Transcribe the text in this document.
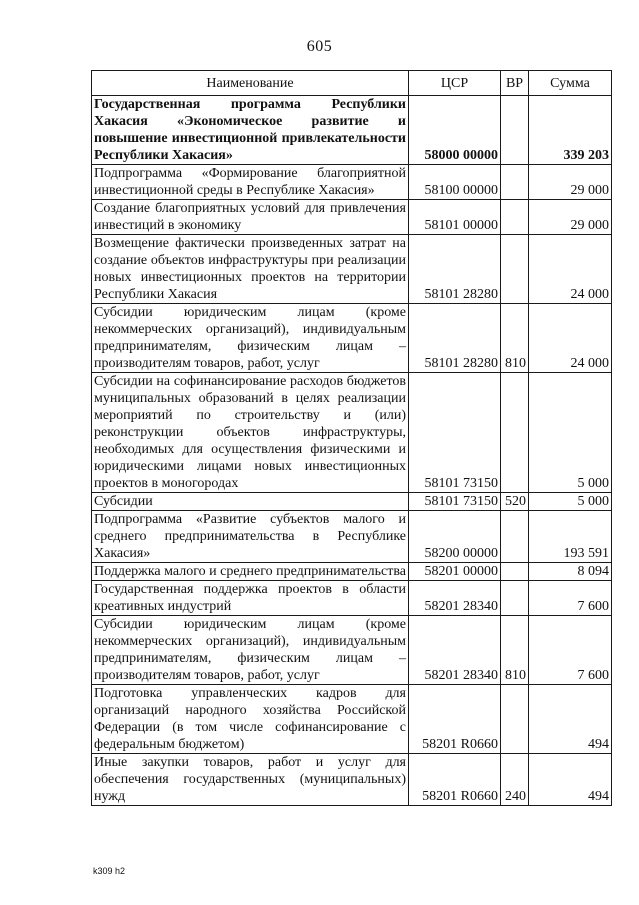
605
Наименование	ЦСР	ВР	Сумма
Государственная программа Республики Хакасия «Экономическое развитие и повышение инвестиционной привлекательности Республики Хакасия»	58000 00000		339 203
Подпрограмма «Формирование благоприятной инвестиционной среды в Республике Хакасия»	58100 00000		29 000
Создание благоприятных условий для привлечения инвестиций в экономику	58101 00000		29 000
Возмещение фактически произведенных затрат на создание объектов инфраструктуры при реализации новых инвестиционных проектов на территории Республики Хакасия	58101 28280		24 000
Субсидии юридическим лицам (кроме некоммерческих организаций), индивидуальным предпринимателям, физическим лицам – производителям товаров, работ, услуг	58101 28280	810	24 000
Субсидии на софинансирование расходов бюджетов муниципальных образований в целях реализации мероприятий по строительству и (или) реконструкции объектов инфраструктуры, необходимых для осуществления физическими и юридическими лицами новых инвестиционных проектов в моногородах	58101 73150		5 000
Субсидии	58101 73150	520	5 000
Подпрограмма «Развитие субъектов малого и среднего предпринимательства в Республике Хакасия»	58200 00000		193 591
Поддержка малого и среднего предпринимательства	58201 00000		8 094
Государственная поддержка проектов в области креативных индустрий	58201 28340		7 600
Субсидии юридическим лицам (кроме некоммерческих организаций), индивидуальным предпринимателям, физическим лицам – производителям товаров, работ, услуг	58201 28340	810	7 600
Подготовка управленческих кадров для организаций народного хозяйства Российской Федерации (в том числе софинансирование с федеральным бюджетом)	58201 R0660		494
Иные закупки товаров, работ и услуг для обеспечения государственных (муниципальных) нужд	58201 R0660	240	494
k309 h2
